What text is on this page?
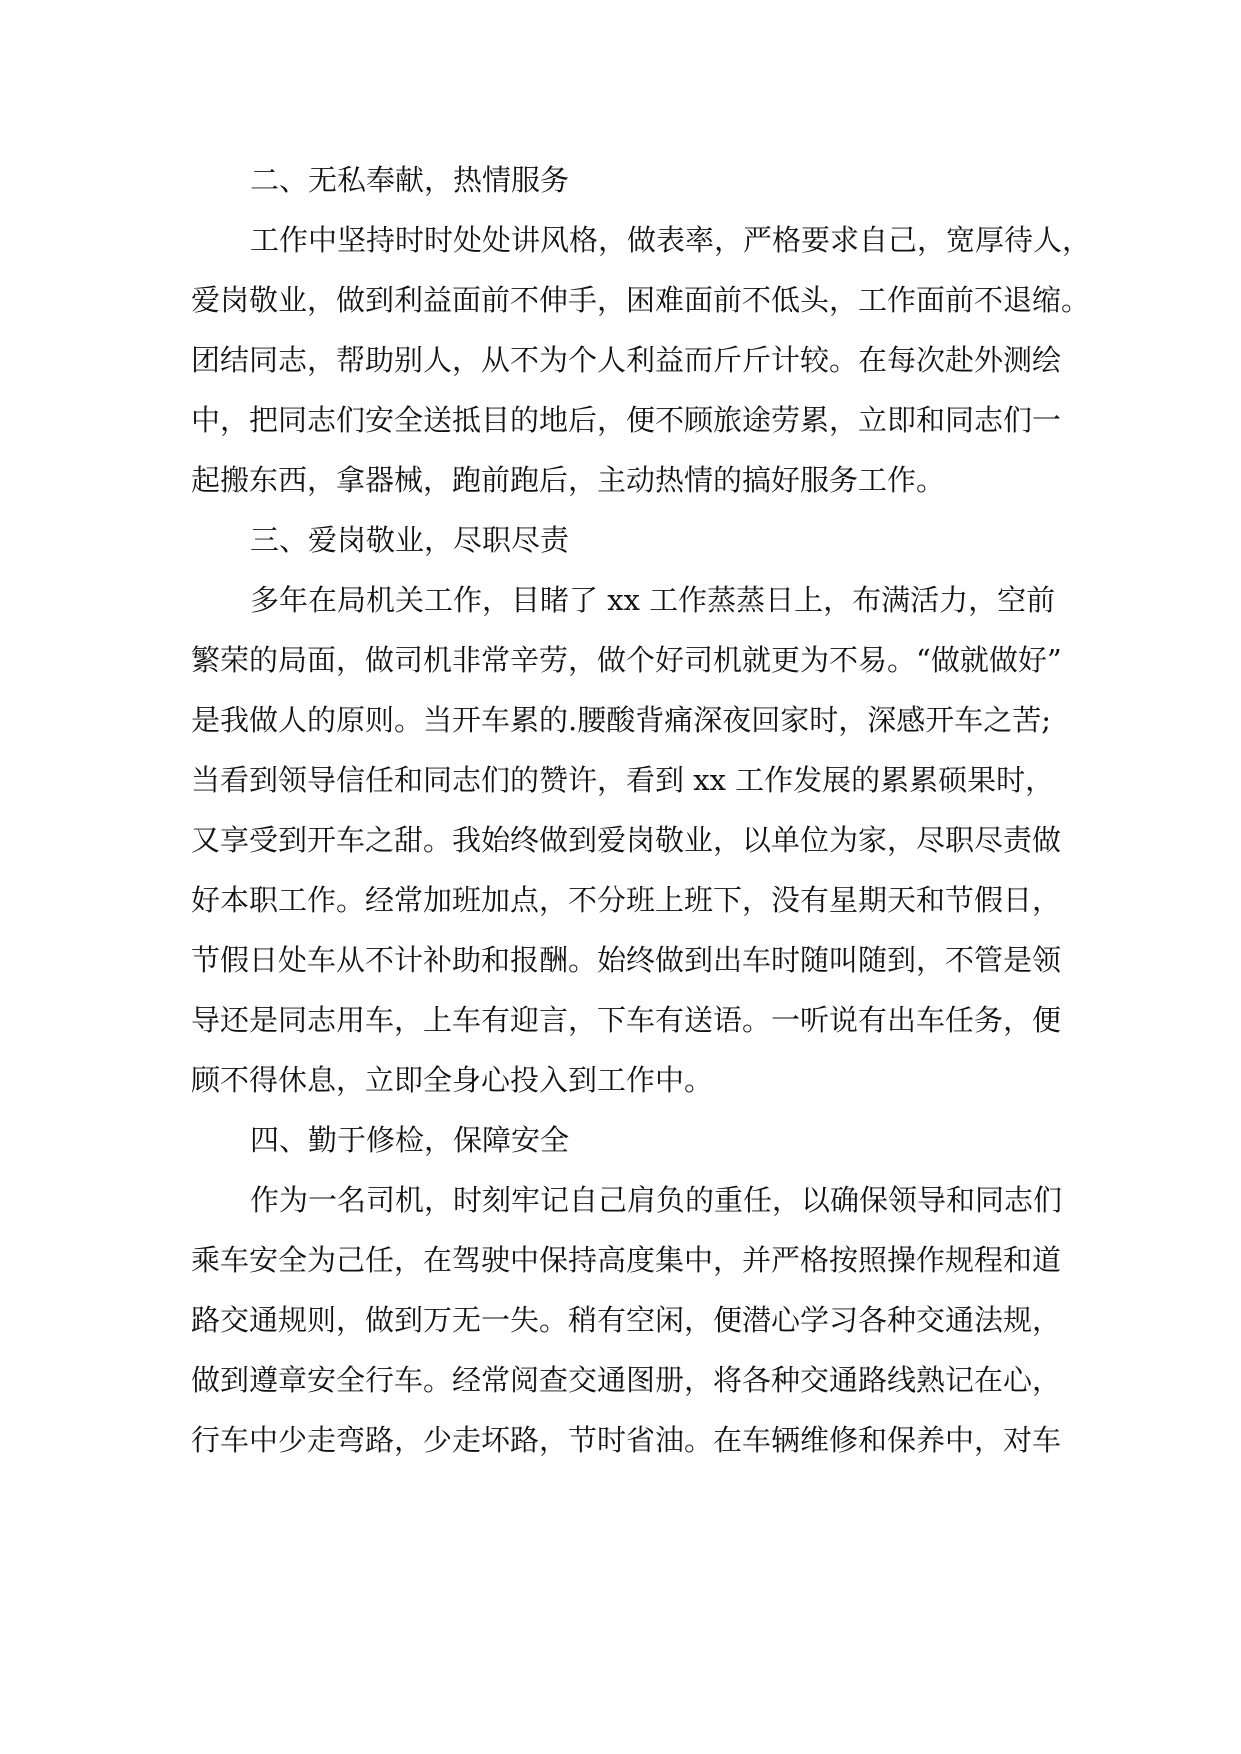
二、无私奉献，热情服务
工作中坚持时时处处讲风格，做表率，严格要求自己，宽厚待人，
爱岗敬业，做到利益面前不伸手，困难面前不低头，工作面前不退缩。
团结同志，帮助别人，从不为个人利益而斤斤计较。在每次赴外测绘
中，把同志们安全送抵目的地后，便不顾旅途劳累，立即和同志们一
起搬东西，拿器械，跑前跑后，主动热情的搞好服务工作。
三、爱岗敬业，尽职尽责
多年在局机关工作，目睹了 xx 工作蒸蒸日上，布满活力，空前
繁荣的局面，做司机非常辛劳，做个好司机就更为不易。“做就做好”
是我做人的原则。当开车累的.腰酸背痛深夜回家时，深感开车之苦;
当看到领导信任和同志们的赞许，看到 xx 工作发展的累累硕果时，
又享受到开车之甜。我始终做到爱岗敬业，以单位为家，尽职尽责做
好本职工作。经常加班加点，不分班上班下，没有星期天和节假日，
节假日处车从不计补助和报酬。始终做到出车时随叫随到，不管是领
导还是同志用车，上车有迎言，下车有送语。一听说有出车任务，便
顾不得休息，立即全身心投入到工作中。
四、勤于修检，保障安全
作为一名司机，时刻牢记自己肩负的重任，以确保领导和同志们
乘车安全为己任，在驾驶中保持高度集中，并严格按照操作规程和道
路交通规则，做到万无一失。稍有空闲，便潜心学习各种交通法规，
做到遵章安全行车。经常阅查交通图册，将各种交通路线熟记在心，
行车中少走弯路，少走坏路，节时省油。在车辆维修和保养中，对车
